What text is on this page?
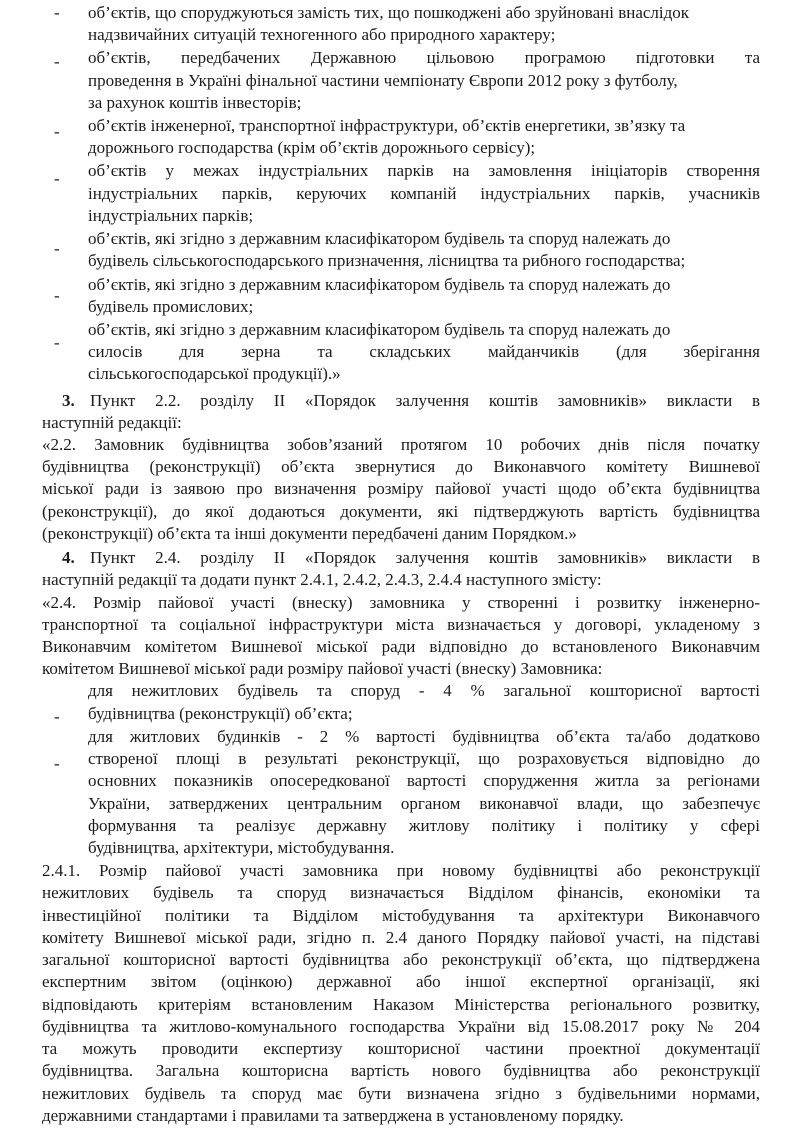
- об’єктів, що споруджуються замість тих, що пошкоджені або зруйновані внаслідок
надзвичайних ситуацій техногенного або природного характеру;
- об’єктів, передбачених Державною цільовою програмою підготовки та
проведення в Україні фінальної частини чемпіонату Європи 2012 року з футболу,
за рахунок коштів інвесторів;
- об’єктів інженерної, транспортної інфраструктури, об’єктів енергетики, зв’язку та
дорожнього господарства (крім об’єктів дорожнього сервісу);
- об’єктів у межах індустріальних парків на замовлення ініціаторів створення
індустріальних парків, керуючих компаній індустріальних парків, учасників
індустріальних парків;
-
об’єктів, які згідно з державним класифікатором будівель та споруд належать до
будівель сільськогосподарського призначення, лісництва та рибного господарства;
-
об’єктів, які згідно з державним класифікатором будівель та споруд належать до
будівель промислових;
-
об’єктів, які згідно з державним класифікатором будівель та споруд належать до
силосів для зерна та складських майданчиків (для зберігання
сільськогосподарської продукції).»
3. Пункт 2.2. розділу ІІ «Порядок залучення коштів замовників» викласти в
наступній редакції:
«2.2. Замовник будівництва зобов’язаний протягом 10 робочих днів після початку
будівництва (реконструкції) об’єкта звернутися до Виконавчого комітету Вишневої
міської ради із заявою про визначення розміру пайової участі щодо об’єкта будівництва
(реконструкції), до якої додаються документи, які підтверджують вартість будівництва
(реконструкції) об’єкта та інші документи передбачені даним Порядком.»
4. Пункт 2.4. розділу ІІ «Порядок залучення коштів замовників» викласти в
наступній редакції та додати пункт 2.4.1, 2.4.2, 2.4.3, 2.4.4 наступного змісту:
«2.4. Розмір пайової участі (внеску) замовника у створенні і розвитку інженерно-
транспортної та соціальної інфраструктури міста визначається у договорі, укладеному з
Виконавчим комітетом Вишневої міської ради відповідно до встановленого Виконавчим
комітетом Вишневої міської ради розміру пайової участі (внеску) Замовника:
-
для нежитлових будівель та споруд - 4 % загальної кошторисної вартості
будівництва (реконструкції) об’єкта;
-
для житлових будинків - 2 % вартості будівництва об’єкта та/або додатково
створеної площі в результаті реконструкції, що розраховується відповідно до
основних показників опосередкованої вартості спорудження житла за регіонами
України, затверджених центральним органом виконавчої влади, що забезпечує
формування та реалізує державну житлову політику і політику у сфері
будівництва, архітектури, містобудування.
2.4.1. Розмір пайової участі замовника при новому будівництві або реконструкції
нежитлових будівель та споруд визначається Відділом фінансів, економіки та
інвестиційної політики та Відділом містобудування та архітектури Виконавчого
комітету Вишневої міської ради, згідно п. 2.4 даного Порядку пайової участі, на підставі
загальної кошторисної вартості будівництва або реконструкції об’єкта, що підтверджена
експертним звітом (оцінкою) державної або іншої експертної організації, які
відповідають критеріям встановленим Наказом Міністерства регіонального розвитку,
будівництва та житлово-комунального господарства України від 15.08.2017 року № 204
та можуть проводити експертизу кошторисної частини проектної документації
будівництва. Загальна кошторисна вартість нового будівництва або реконструкції
нежитлових будівель та споруд має бути визначена згідно з будівельними нормами,
державними стандартами і правилами та затверджена в установленому порядку.
